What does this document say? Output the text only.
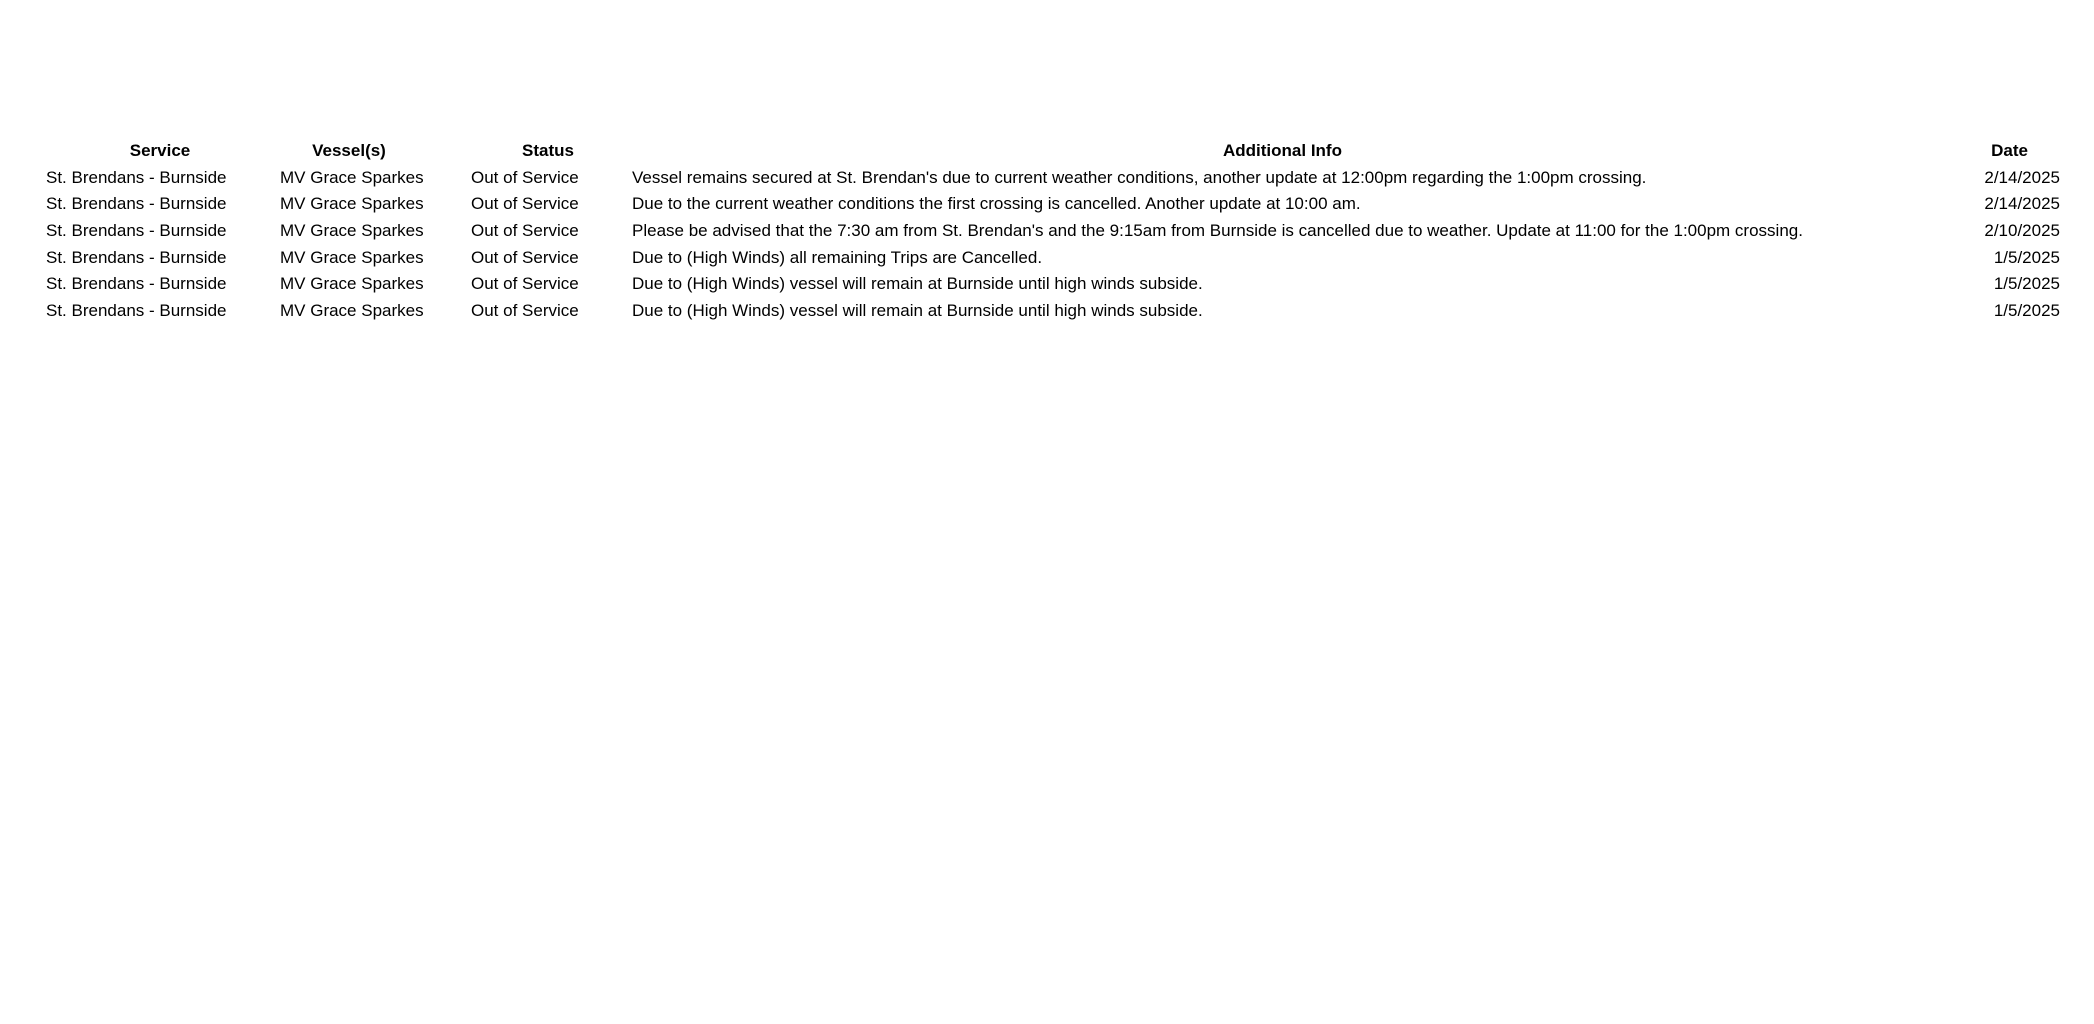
Service	Vessel(s)	Status	Additional Info	Date
St. Brendans - Burnside	MV Grace Sparkes	Out of Service	Vessel remains secured at St. Brendan's due to current weather conditions, another update at 12:00pm regarding the 1:00pm crossing.	2/14/2025
St. Brendans - Burnside	MV Grace Sparkes	Out of Service	Due to the current weather conditions the first crossing is cancelled. Another update at 10:00 am.	2/14/2025
St. Brendans - Burnside	MV Grace Sparkes	Out of Service	Please be advised that the 7:30 am from St. Brendan's and the 9:15am from Burnside is cancelled due to weather. Update at 11:00 for the 1:00pm crossing.	2/10/2025
St. Brendans - Burnside	MV Grace Sparkes	Out of Service	Due to (High Winds) all remaining Trips are Cancelled.	1/5/2025
St. Brendans - Burnside	MV Grace Sparkes	Out of Service	Due to (High Winds) vessel will remain at Burnside until high winds subside.	1/5/2025
St. Brendans - Burnside	MV Grace Sparkes	Out of Service	Due to (High Winds) vessel will remain at Burnside until high winds subside.	1/5/2025
